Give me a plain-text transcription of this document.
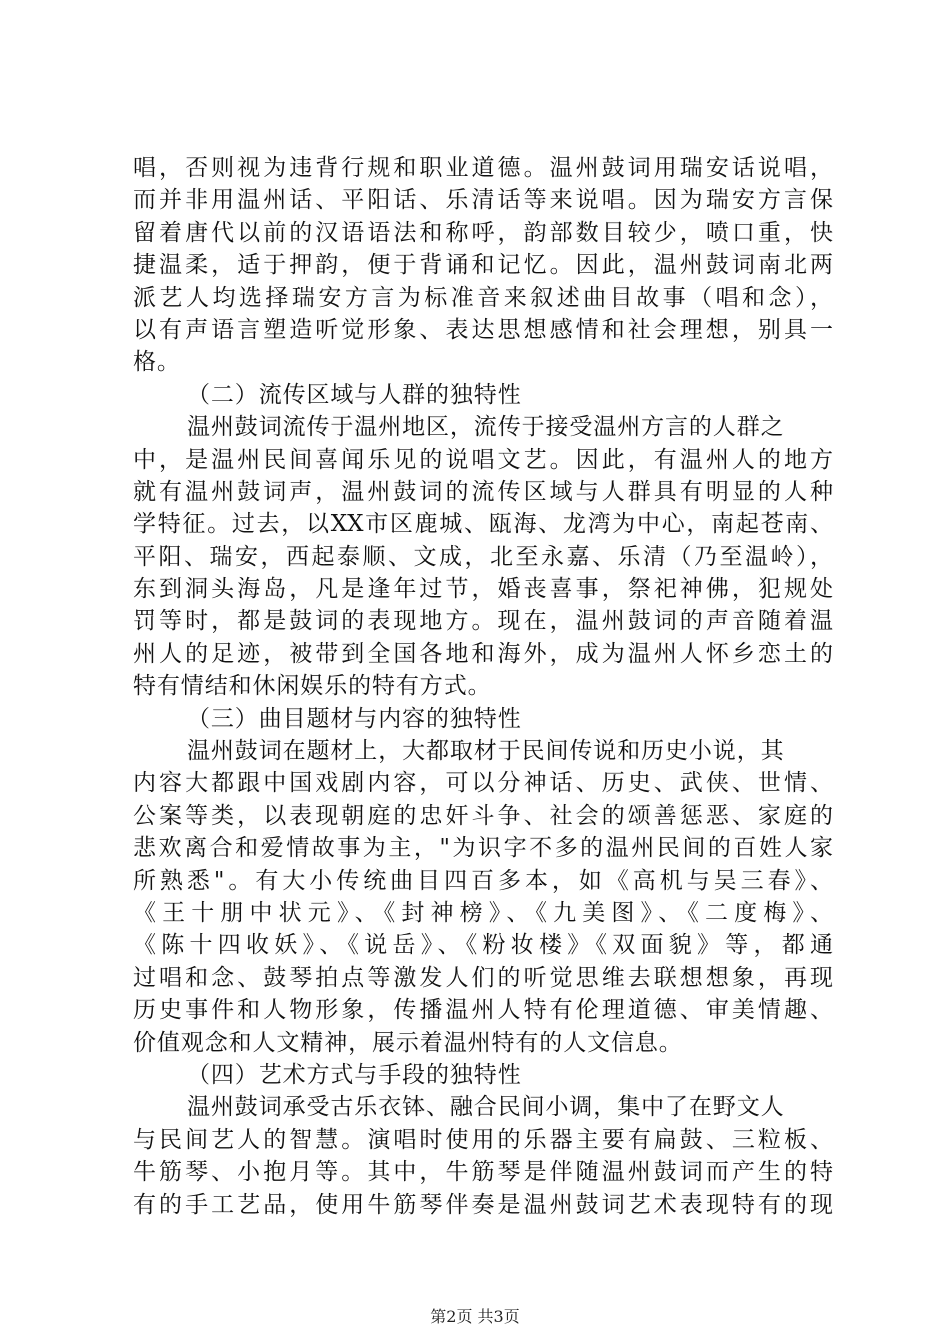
唱，否则视为违背行规和职业道德。温州鼓词用瑞安话说唱，
而并非用温州话、平阳话、乐清话等来说唱。因为瑞安方言保
留着唐代以前的汉语语法和称呼，韵部数目较少，喷口重，快
捷温柔，适于押韵，便于背诵和记忆。因此，温州鼓词南北两
派艺人均选择瑞安方言为标准音来叙述曲目故事（唱和念），
以有声语言塑造听觉形象、表达思想感情和社会理想，别具一
格。
（二）流传区域与人群的独特性
温州鼓词流传于温州地区，流传于接受温州方言的人群之
中，是温州民间喜闻乐见的说唱文艺。因此，有温州人的地方
就有温州鼓词声，温州鼓词的流传区域与人群具有明显的人种
学特征。过去，以XX市区鹿城、瓯海、龙湾为中心，南起苍南、
平阳、瑞安，西起泰顺、文成，北至永嘉、乐清（乃至温岭），
东到洞头海岛，凡是逢年过节，婚丧喜事，祭祀神佛，犯规处
罚等时，都是鼓词的表现地方。现在，温州鼓词的声音随着温
州人的足迹，被带到全国各地和海外，成为温州人怀乡恋土的
特有情结和休闲娱乐的特有方式。
（三）曲目题材与内容的独特性
温州鼓词在题材上，大都取材于民间传说和历史小说，其
内容大都跟中国戏剧内容，可以分神话、历史、武侠、世情、
公案等类，以表现朝庭的忠奸斗争、社会的颂善惩恶、家庭的
悲欢离合和爱情故事为主，"为识字不多的温州民间的百姓人家
所熟悉"。有大小传统曲目四百多本，如《高机与吴三春》、
《王十朋中状元》、《封神榜》、《九美图》、《二度梅》、
《陈十四收妖》、《说岳》、《粉妆楼》《双面貌》等，都通
过唱和念、鼓琴拍点等激发人们的听觉思维去联想想象，再现
历史事件和人物形象，传播温州人特有伦理道德、审美情趣、
价值观念和人文精神，展示着温州特有的人文信息。
（四）艺术方式与手段的独特性
温州鼓词承受古乐衣钵、融合民间小调，集中了在野文人
与民间艺人的智慧。演唱时使用的乐器主要有扁鼓、三粒板、
牛筋琴、小抱月等。其中，牛筋琴是伴随温州鼓词而产生的特
有的手工艺品，使用牛筋琴伴奏是温州鼓词艺术表现特有的现
第2页 共3页
